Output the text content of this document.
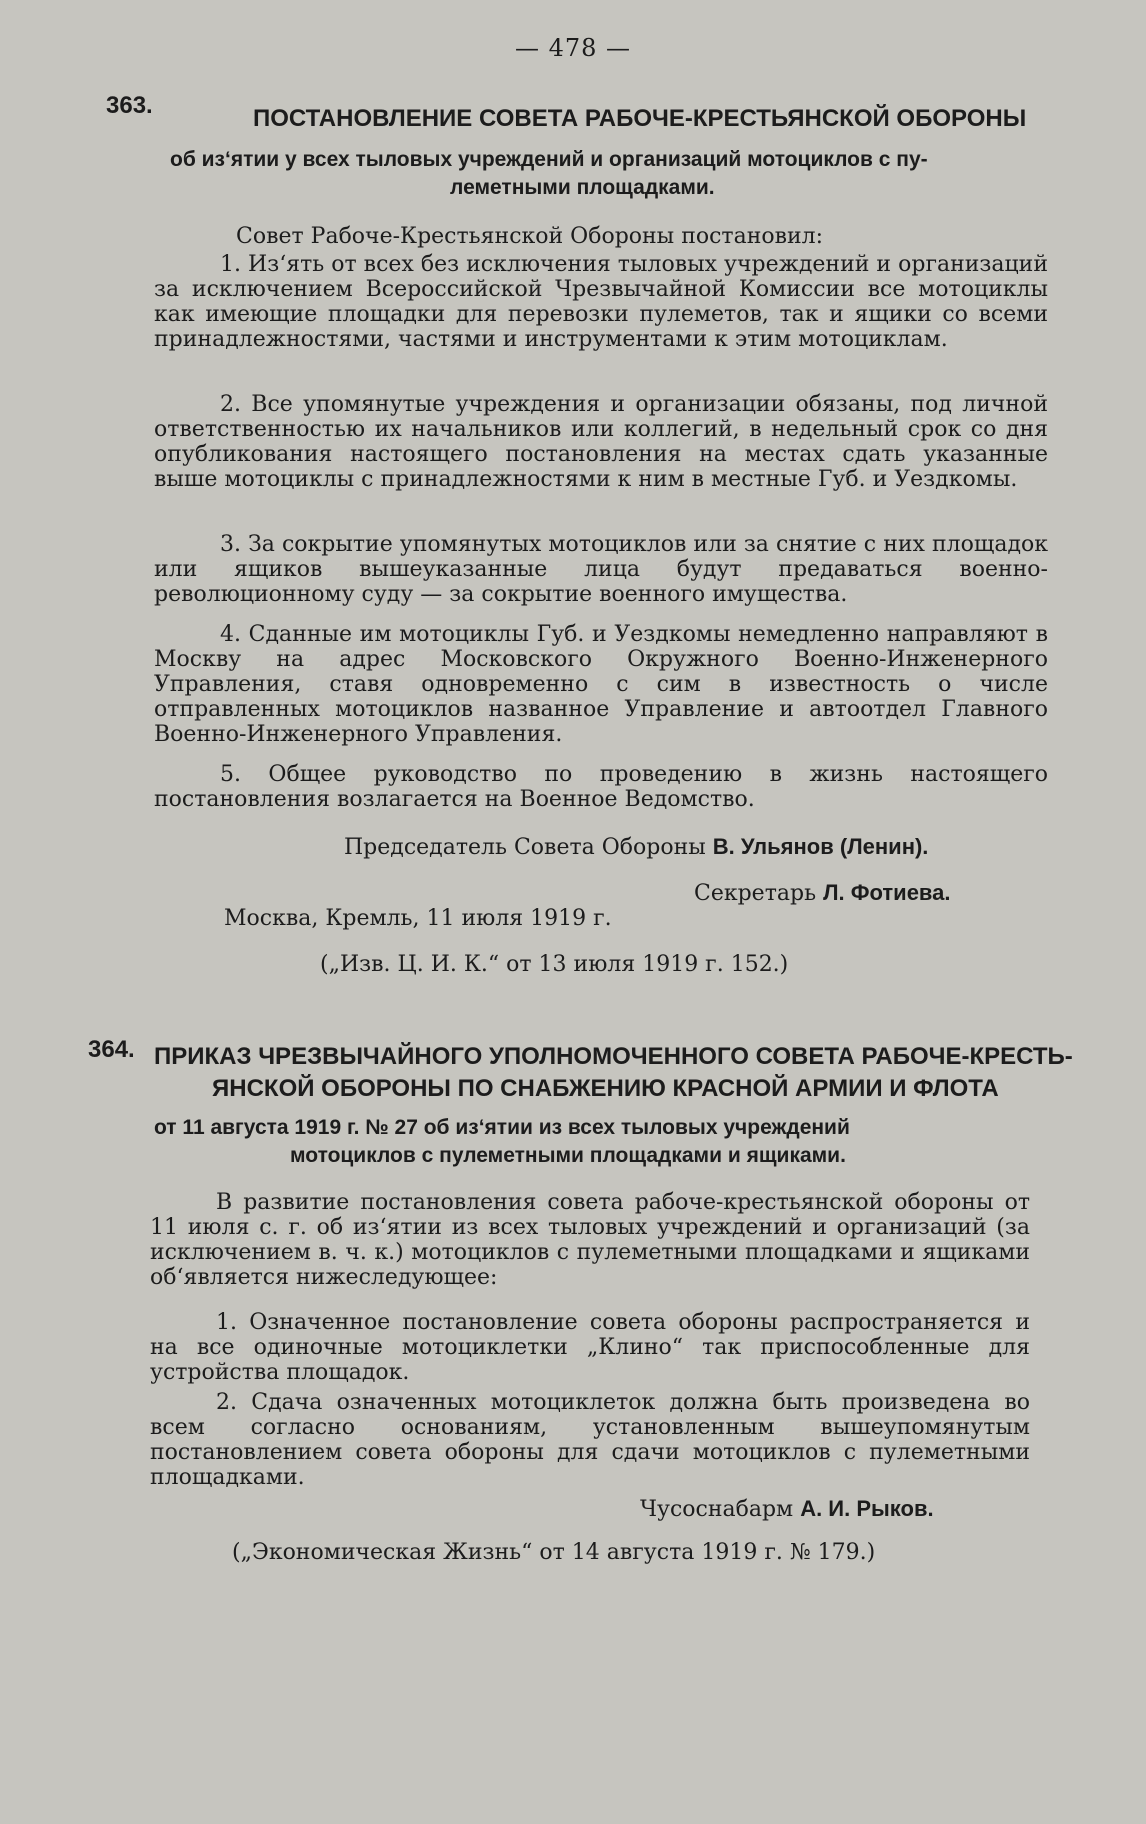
— 478 —
363.	ПОСТАНОВЛЕНИЕ СОВЕТА РАБОЧЕ-КРЕСТЬЯНСКОЙ ОБОРОНЫ
об из‘ятии у всех тыловых учреждений и организаций мотоциклов с пу-
леметными площадками.
Совет Рабоче-Крестьянской Обороны постановил:

1. Из‘ять от всех без исключения тыловых учреждений и организаций за исключением Всероссийской Чрезвычайной Комиссии все мотоциклы как имеющие площадки для перевозки пулеметов, так и ящики со всеми принадлежностями, частями и инструментами к этим мотоциклам.

2. Все упомянутые учреждения и организации обязаны, под личной ответственностью их начальников или коллегий, в недельный срок со дня опубликования настоящего постановления на местах сдать указанные выше мотоциклы с принадлежностями к ним в местные Губ. и Уездкомы.

3. За сокрытие упомянутых мотоциклов или за снятие с них площадок или ящиков вышеуказанные лица будут предаваться военно-революционному суду — за сокрытие военного имущества.

4. Сданные им мотоциклы Губ. и Уездкомы немедленно направляют в Москву на адрес Московского Окружного Военно-Инженерного Управления, ставя одновременно с сим в известность о числе отправленных мотоциклов названное Управление и автоотдел Главного Военно-Инженерного Управления.

5. Общее руководство по проведению в жизнь настоящего постановления возлагается на Военное Ведомство.

Председатель Совета Обороны В. Ульянов (Ленин).
Секретарь Л. Фотиева.
Москва, Кремль, 11 июля 1919 г.
(„Изв. Ц. И. К.“ от 13 июля 1919 г. 152.)
364. ПРИКАЗ ЧРЕЗВЫЧАЙНОГО УПОЛНОМОЧЕННОГО СОВЕТА РАБОЧЕ-КРЕСТЬ-
ЯНСКОЙ ОБОРОНЫ ПО СНАБЖЕНИЮ КРАСНОЙ АРМИИ И ФЛОТА
от 11 августа 1919 г. № 27 об из‘ятии из всех тыловых учреждений
мотоциклов с пулеметными площадками и ящиками.

В развитие постановления совета рабоче-крестьянской обороны от 11 июля с. г. об из‘ятии из всех тыловых учреждений и организаций (за исключением в. ч. к.) мотоциклов с пулеметными площадками и ящиками об‘является нижеследующее:

1. Означенное постановление совета обороны распространяется и на все одиночные мотоциклетки „Клино“ так приспособленные для устройства площадок.

2. Сдача означенных мотоциклеток должна быть произведена во всем согласно основаниям, установленным вышеупомянутым постановлением совета обороны для сдачи мотоциклов с пулеметными площадками.

Чусоснабарм А. И. Рыков.
(„Экономическая Жизнь“ от 14 августа 1919 г. № 179.)
